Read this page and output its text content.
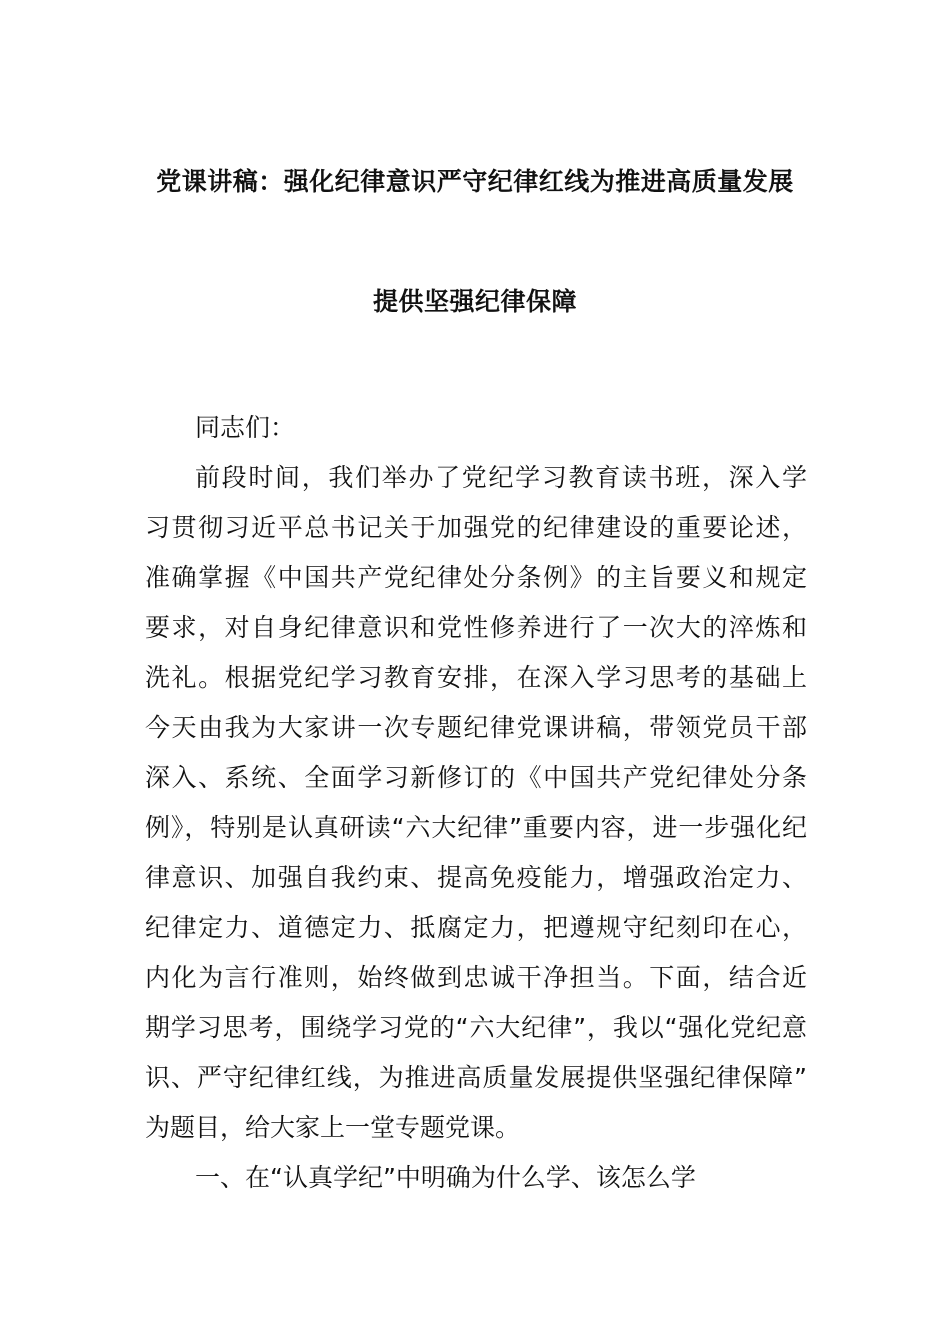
党课讲稿：强化纪律意识严守纪律红线为推进高质量发展
提供坚强纪律保障

同志们：

前段时间，我们举办了党纪学习教育读书班，深入学
习贯彻习近平总书记关于加强党的纪律建设的重要论述，
准确掌握《中国共产党纪律处分条例》的主旨要义和规定
要求，对自身纪律意识和党性修养进行了一次大的淬炼和
洗礼。根据党纪学习教育安排，在深入学习思考的基础上
今天由我为大家讲一次专题纪律党课讲稿，带领党员干部
深入、系统、全面学习新修订的《中国共产党纪律处分条
例》，特别是认真研读“六大纪律”重要内容，进一步强化纪
律意识、加强自我约束、提高免疫能力，增强政治定力、
纪律定力、道德定力、抵腐定力，把遵规守纪刻印在心，
内化为言行准则，始终做到忠诚干净担当。下面，结合近
期学习思考，围绕学习党的“六大纪律”，我以“强化党纪意
识、严守纪律红线，为推进高质量发展提供坚强纪律保障”
为题目，给大家上一堂专题党课。

一、在“认真学纪”中明确为什么学、该怎么学
